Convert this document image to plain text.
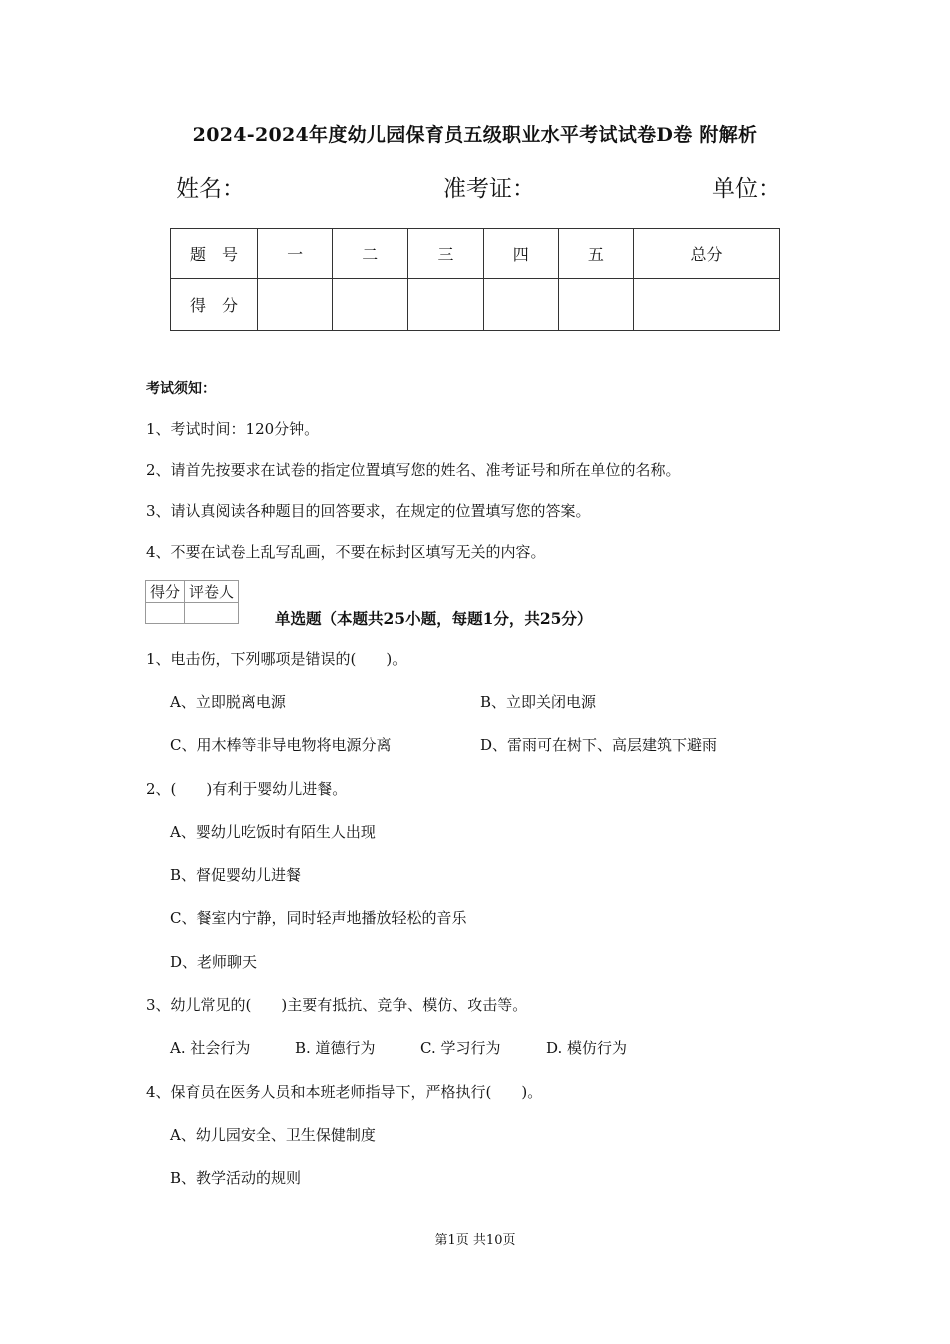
2024-2024年度幼儿园保育员五级职业水平考试试卷D卷 附解析
姓名：	准考证：	单位：
题　号	一	二	三	四	五	总分
得　分						
考试须知：
1、考试时间：120分钟。
2、请首先按要求在试卷的指定位置填写您的姓名、准考证号和所在单位的名称。
3、请认真阅读各种题目的回答要求，在规定的位置填写您的答案。
4、不要在试卷上乱写乱画，不要在标封区填写无关的内容。
得分	评卷人

单选题（本题共25小题，每题1分，共25分）
1、电击伤，下列哪项是错误的(　　)。
A、立即脱离电源	B、立即关闭电源
C、用木棒等非导电物将电源分离	D、雷雨可在树下、高层建筑下避雨
2、(　　)有利于婴幼儿进餐。
A、婴幼儿吃饭时有陌生人出现
B、督促婴幼儿进餐
C、餐室内宁静，同时轻声地播放轻松的音乐
D、老师聊天
3、幼儿常见的(　　)主要有抵抗、竞争、模仿、攻击等。
A. 社会行为	B. 道德行为	C. 学习行为	D. 模仿行为
4、保育员在医务人员和本班老师指导下，严格执行(　　)。
A、幼儿园安全、卫生保健制度
B、教学活动的规则
第1页 共10页
